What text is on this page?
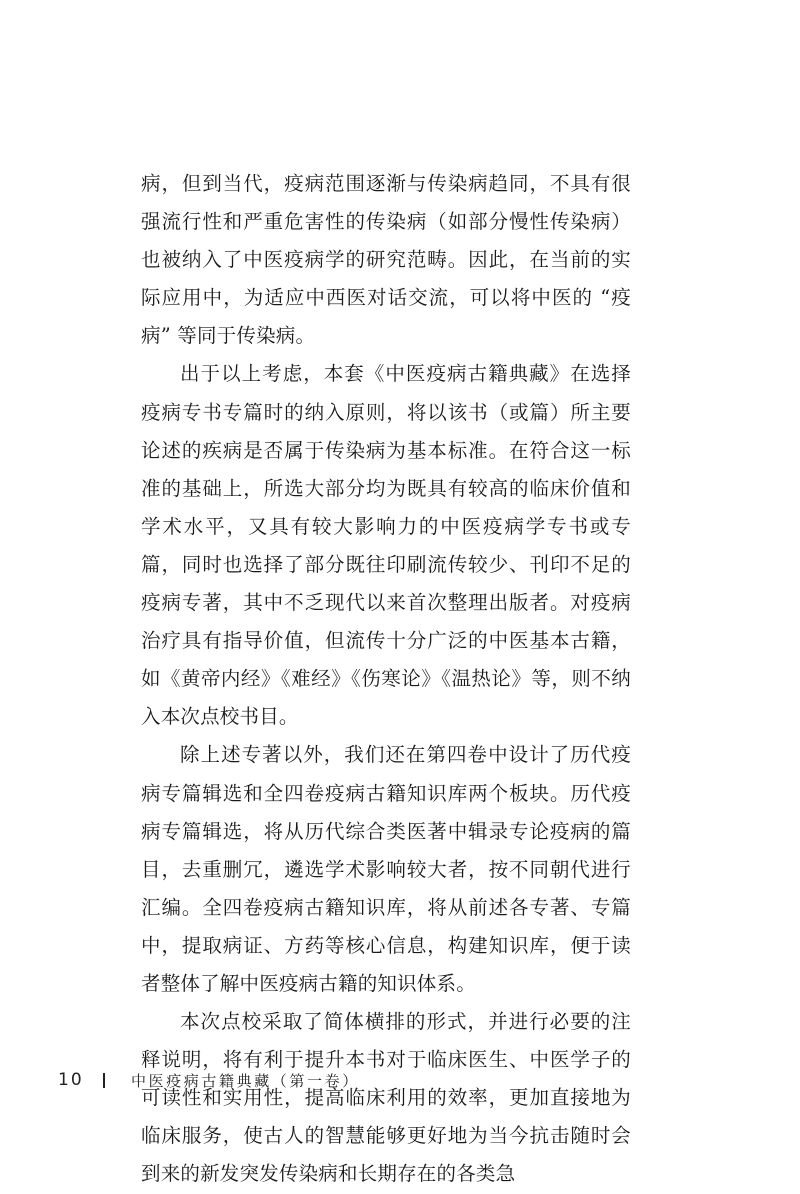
病，但到当代，疫病范围逐渐与传染病趋同，不具有很强流行性和严重危害性的传染病（如部分慢性传染病）也被纳入了中医疫病学的研究范畴。因此，在当前的实际应用中，为适应中西医对话交流，可以将中医的 “疫病” 等同于传染病。

出于以上考虑，本套《中医疫病古籍典藏》在选择疫病专书专篇时的纳入原则，将以该书（或篇）所主要论述的疾病是否属于传染病为基本标准。在符合这一标准的基础上，所选大部分均为既具有较高的临床价值和学术水平，又具有较大影响力的中医疫病学专书或专篇，同时也选择了部分既往印刷流传较少、刊印不足的疫病专著，其中不乏现代以来首次整理出版者。对疫病治疗具有指导价值，但流传十分广泛的中医基本古籍，如《黄帝内经》《难经》《伤寒论》《温热论》等，则不纳入本次点校书目。

除上述专著以外，我们还在第四卷中设计了历代疫病专篇辑选和全四卷疫病古籍知识库两个板块。历代疫病专篇辑选，将从历代综合类医著中辑录专论疫病的篇目，去重删冗，遴选学术影响较大者，按不同朝代进行汇编。全四卷疫病古籍知识库，将从前述各专著、专篇中，提取病证、方药等核心信息，构建知识库，便于读者整体了解中医疫病古籍的知识体系。

本次点校采取了简体横排的形式，并进行必要的注释说明，将有利于提升本书对于临床医生、中医学子的可读性和实用性，提高临床利用的效率，更加直接地为临床服务，使古人的智慧能够更好地为当今抗击随时会到来的新发突发传染病和长期存在的各类急

10	中医疫病古籍典藏（第一卷）
